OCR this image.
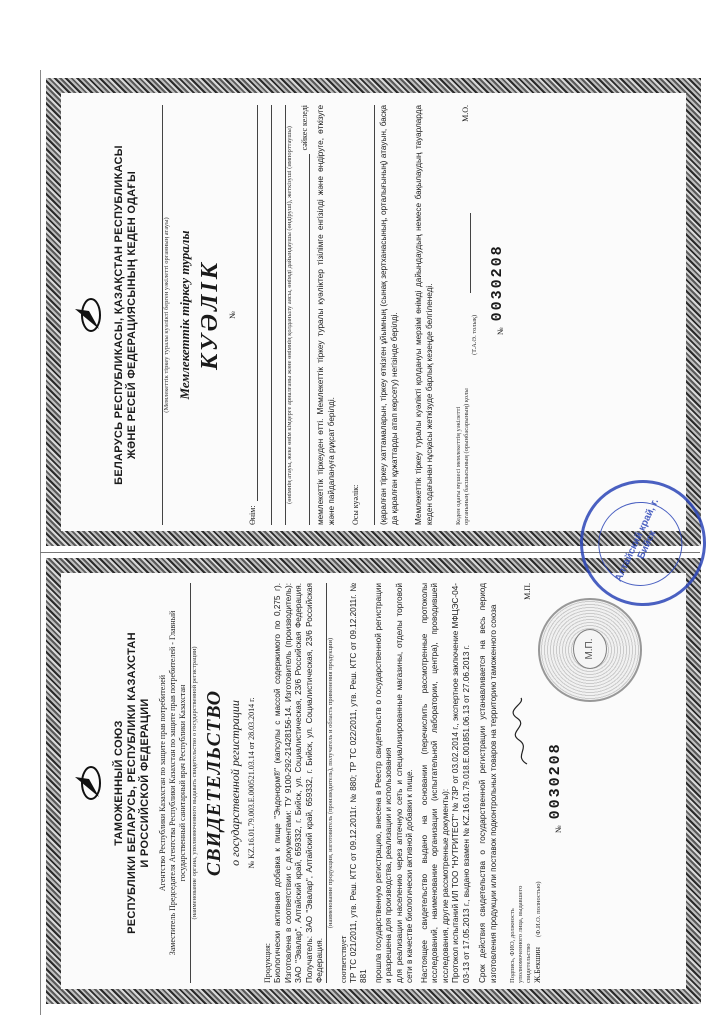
БЕЛАРУСЬ РЕСПУБЛИКАСЫ, ҚАЗАҚСТАН РЕСПУБЛИКАСЫ ЖӘНЕ РЕСЕЙ ФЕДЕРАЦИЯСЫНЫҢ КЕДЕН ОДАҒЫ	(Мемлекеттік тіркеу туралы куәлікті берген уәкілетті органның атауы) Мемлекеттік тіркеу туралы КУӘЛІК №
Өнім:
(өнімнің атауы, жеке өнім кімдерге арналғаны және өнімнің қолданылу аясы, өнімді дайындаушы (өндіруші), жеткізуші (импорттаушы) сәйкес келеді мемлекеттік тіркеуден өтті. Мемлекеттік тіркеу туралы куәліктер тізілімге енгізілді және өндіруге, өткізуге және пайдалануға рұқсат берілді. Осы куәлік: (қаралған тіркеу хаттамаларын, тіркеу өткізген ұйымның (сынақ зертханасының, орталығының) атауын, басқа да қаралған құжаттарды атап көрсету) негізінде берілді. Мемлекеттік тіркеу туралы куәлікті қолдануы мерзімі өнімді дайындаудың немесе бақылаудың тауарларда кеден одағынан нұсқасы жеткізуде барлық кезеңде белгіленеді.	Кеден одағы мүшесі мемлекеттің уәкілетті органының басшысының (орынбасарының) қолы
М.О.
(Т.А.Ә. толық) №
0030208
ТАМОЖЕННЫЙ СОЮЗ РЕСПУБЛИКИ БЕЛАРУСЬ, РЕСПУБЛИКИ КАЗАХСТАН И РОССИЙСКОЙ ФЕДЕРАЦИИ Агентство Республики Казахстан по защите прав потребителей Заместитель Председателя Агентства Республики Казахстан по защите прав потребителей - Главный государственный санитарный врач Республики Казахстан (наименование органа, уполномоченного выдавать свидетельство о государственной регистрации) СВИДЕТЕЛЬСТВО о государственной регистрации № KZ.16.01.79.003.Е.000521.03.14 от 28.03.2014 г.
Продукция: Биологически активная добавка к пище "Эндонорм®" (капсулы с массой содержимого по 0,275 г). Изготовлена в соответствии с документами: ТУ 9100-292-21428156-14. Изготовитель (производитель): ЗАО "Эвалар", Алтайский край, 659332, г. Бийск, ул. Социалистическая, 23/6 Российская Федерация. Получатель: ЗАО "Эвалар", Алтайский край, 659332, г. Бийск, ул. Социалистическая, 23/6 Российская Федерация.
(наименование продукции, изготовитель (производитель), получатель и область применения продукции)
соответствует ТР ТС 021/2011, утв. Реш. КТС от 09.12.2011г. № 880; ТР ТС 022/2011, утв. Реш. КТС от 09.12.2011г. № 881 прошла государственную регистрацию, внесена в Реестр свидетельств о государственной регистрации и разрешена для производства, реализации и использования для реализации населению через аптечную сеть и специализированные магазины, отделы торговой сети в качестве биологически активной добавки к пище. Настоящее свидетельство выдано на основании (перечислить рассмотренные протоколы исследований, наименование организации (испытательной лаборатории, центра), проводившей исследования, другие рассмотренные документы): Протокол испытаний ИЛ ТОО "НУТРИТЕСТ" № 73Р от 03.02.2014 г., экспертное заключение МФЦЭС-04-03-13 от 17.05.2013 г., выдано взамен № KZ.16.01.79.018.Е.001851.06.13 от 27.06.2013 г. Срок действия свидетельства о государственной регистрации устанавливается на весь период изготовления продукции или поставок подконтрольных товаров на территорию таможенного союза Подпись, ФИО, должность уполномоченного лица, выдавшего свидетельство
М.П.
Ж.Бекшин
(Ф.И.О. полностью)
№
0030208
М.П.
Алтайский край, г. Бийск
